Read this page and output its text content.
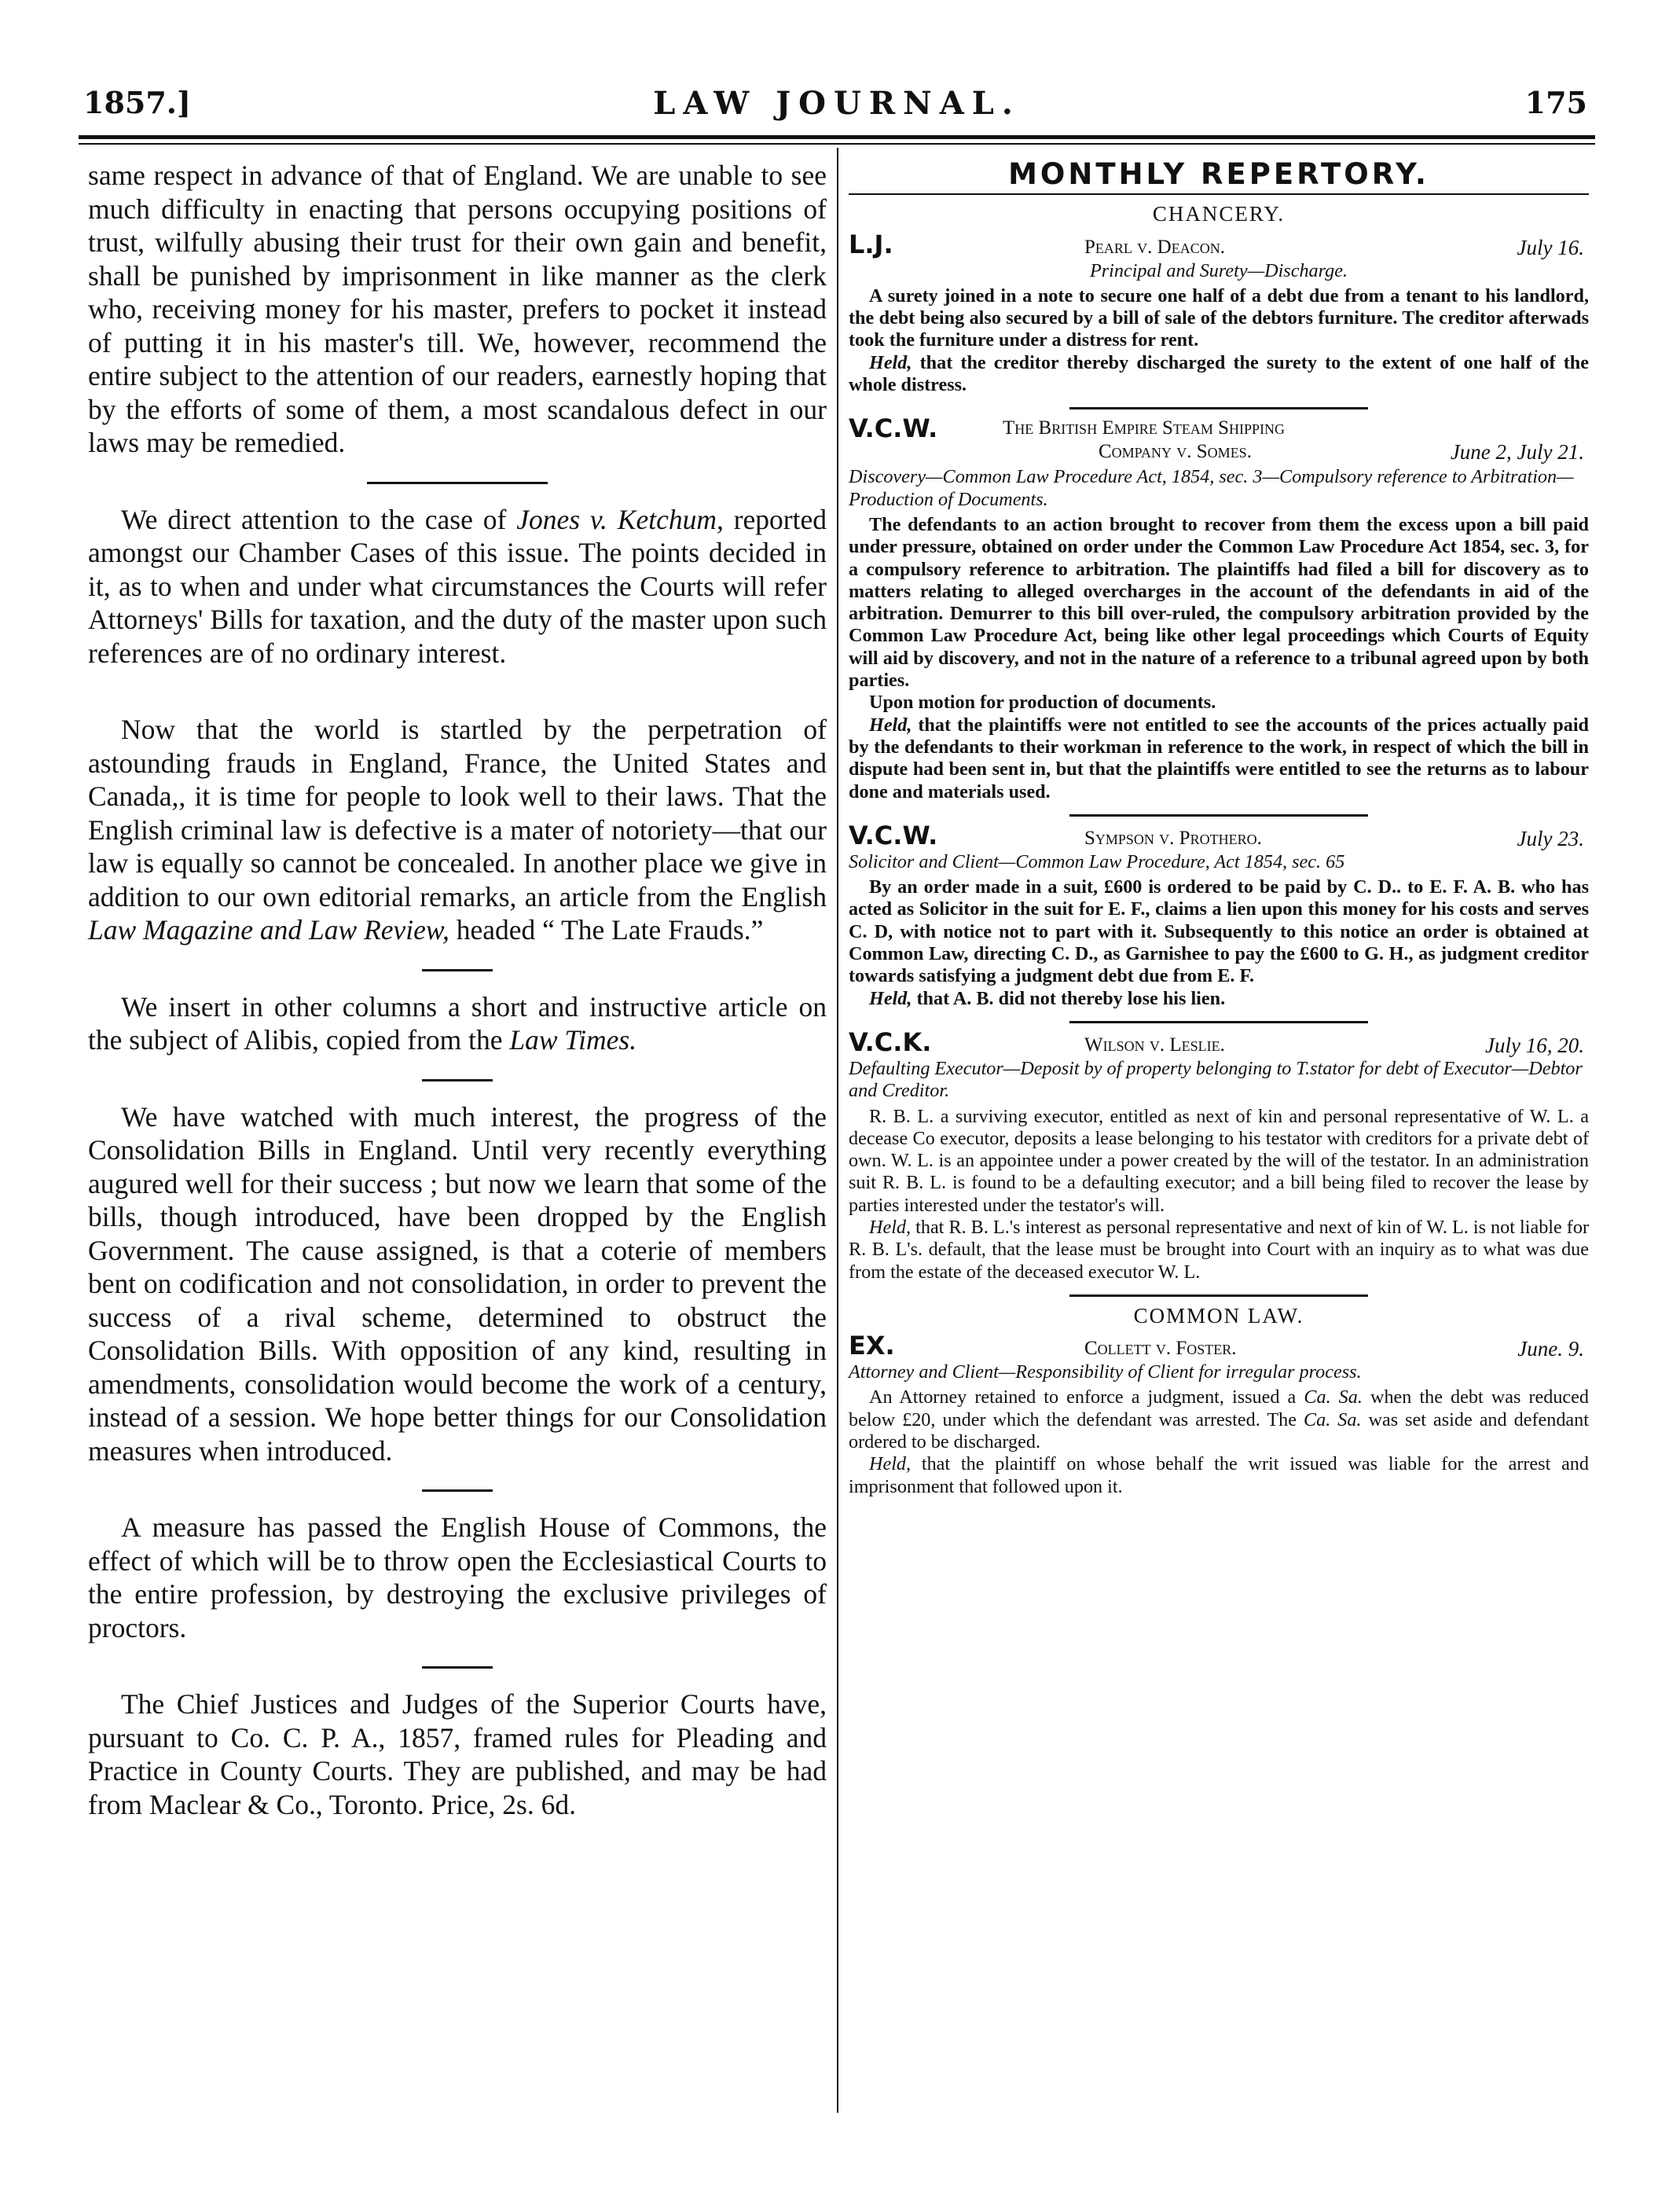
1857.]	LAW JOURNAL.	175

same respect in advance of that of England. We are unable to see much difficulty in enacting that persons occupying positions of trust, wilfully abusing their trust for their own gain and benefit, shall be punished by imprisonment in like manner as the clerk who, receiving money for his master, prefers to pocket it instead of putting it in his master's till. We, however, recommend the entire subject to the attention of our readers, earnestly hoping that by the efforts of some of them, a most scandalous defect in our laws may be remedied.

We direct attention to the case of Jones v. Ketchum, reported amongst our Chamber Cases of this issue. The points decided in it, as to when and under what circumstances the Courts will refer Attorneys' Bills for taxation, and the duty of the master upon such references are of no ordinary interest.

Now that the world is startled by the perpetration of astounding frauds in England, France, the United States and Canada,, it is time for people to look well to their laws. That the English criminal law is defective is a mater of notoriety—that our law is equally so cannot be concealed. In another place we give in addition to our own editorial remarks, an article from the English Law Magazine and Law Review, headed “ The Late Frauds.”

We insert in other columns a short and instructive article on the subject of Alibis, copied from the Law Times.

We have watched with much interest, the progress of the Consolidation Bills in England. Until very recently everything augured well for their success ; but now we learn that some of the bills, though introduced, have been dropped by the English Government. The cause assigned, is that a coterie of members bent on codification and not consolidation, in order to prevent the success of a rival scheme, determined to obstruct the Consolidation Bills. With opposition of any kind, resulting in amendments, consolidation would become the work of a century, instead of a session. We hope better things for our Consolidation measures when introduced.

A measure has passed the English House of Commons, the effect of which will be to throw open the Ecclesiastical Courts to the entire profession, by destroying the exclusive privileges of proctors.

The Chief Justices and Judges of the Superior Courts have, pursuant to Co. C. P. A., 1857, framed rules for Pleading and Practice in County Courts. They are published, and may be had from Maclear & Co., Toronto. Price, 2s. 6d.

MONTHLY REPERTORY.
CHANCERY.
L.J.	Pearl v. Deacon.	July 16.
Principal and Surety—Discharge.

A surety joined in a note to secure one half of a debt due from a tenant to his landlord, the debt being also secured by a bill of sale of the debtors furniture. The creditor afterwads took the furniture under a distress for rent.

Held, that the creditor thereby discharged the surety to the extent of one half of the whole distress.

V.C.W.	The British Empire Steam Shipping
Company v. Somes.	June 2, July 21.
Discovery—Common Law Procedure Act, 1854, sec. 3—Compulsory reference to Arbitration—Production of Documents.

The defendants to an action brought to recover from them the excess upon a bill paid under pressure, obtained on order under the Common Law Procedure Act 1854, sec. 3, for a compulsory reference to arbitration. The plaintiffs had filed a bill for discovery as to matters relating to alleged overcharges in the account of the defendants in aid of the arbitration. Demurrer to this bill over-ruled, the compulsory arbitration provided by the Common Law Procedure Act, being like other legal proceedings which Courts of Equity will aid by discovery, and not in the nature of a reference to a tribunal agreed upon by both parties.

Upon motion for production of documents.

Held, that the plaintiffs were not entitled to see the accounts of the prices actually paid by the defendants to their workman in reference to the work, in respect of which the bill in dispute had been sent in, but that the plaintiffs were entitled to see the returns as to labour done and materials used.

V.C.W.	Sympson v. Prothero.	July 23.
Solicitor and Client—Common Law Procedure, Act 1854, sec. 65

By an order made in a suit, £600 is ordered to be paid by C. D.. to E. F. A. B. who has acted as Solicitor in the suit for E. F., claims a lien upon this money for his costs and serves C. D, with notice not to part with it. Subsequently to this notice an order is obtained at Common Law, directing C. D., as Garnishee to pay the £600 to G. H., as judgment creditor towards satisfying a judgment debt due from E. F.

Held, that A. B. did not thereby lose his lien.

V.C.K.	Wilson v. Leslie.	July 16, 20.
Defaulting Executor—Deposit by of property belonging to T.stator for debt of Executor—Debtor and Creditor.

R. B. L. a surviving executor, entitled as next of kin and personal representative of W. L. a decease Co executor, deposits a lease belonging to his testator with creditors for a private debt of own. W. L. is an appointee under a power created by the will of the testator. In an administration suit R. B. L. is found to be a defaulting executor; and a bill being filed to recover the lease by parties interested under the testator's will.

Held, that R. B. L.'s interest as personal representative and next of kin of W. L. is not liable for R. B. L's. default, that the lease must be brought into Court with an inquiry as to what was due from the estate of the deceased executor W. L.

COMMON LAW.
EX.	Collett v. Foster.	June. 9.
Attorney and Client—Responsibility of Client for irregular process.

An Attorney retained to enforce a judgment, issued a Ca. Sa. when the debt was reduced below £20, under which the defendant was arrested. The Ca. Sa. was set aside and defendant ordered to be discharged.

Held, that the plaintiff on whose behalf the writ issued was liable for the arrest and imprisonment that followed upon it.
